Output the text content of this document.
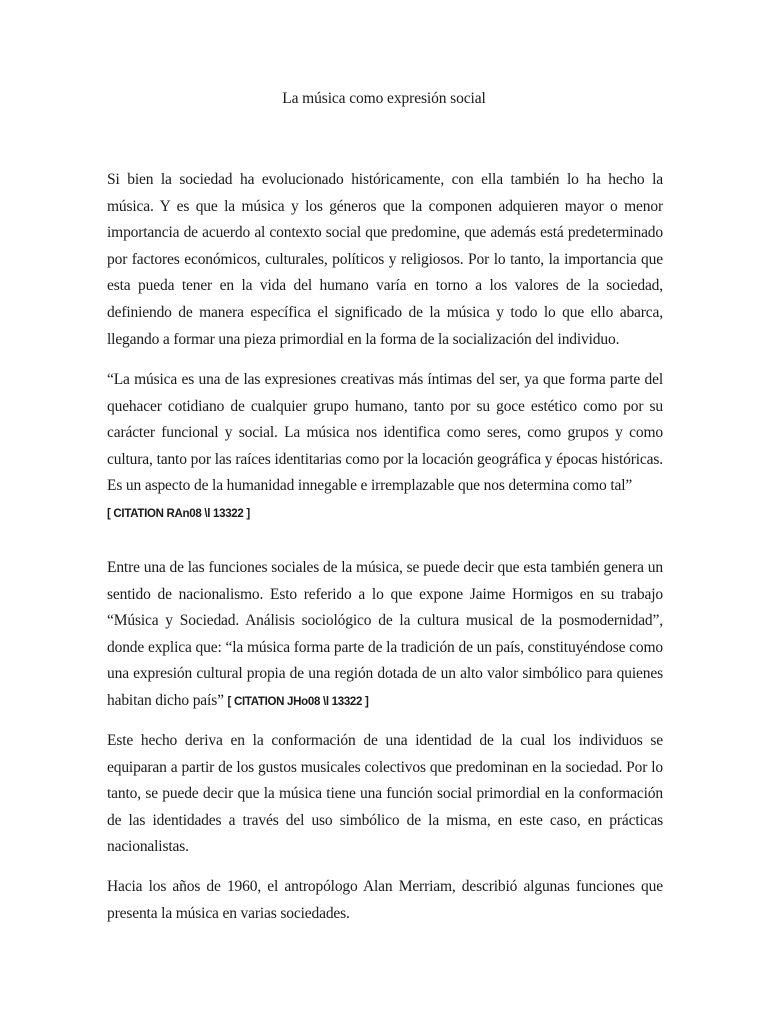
La música como expresión social

Si bien la sociedad ha evolucionado históricamente, con ella también lo ha hecho la música. Y es que la música y los géneros que la componen adquieren mayor o menor importancia de acuerdo al contexto social que predomine, que además está predeterminado por factores económicos, culturales, políticos y religiosos. Por lo tanto, la importancia que esta pueda tener en la vida del humano varía en torno a los valores de la sociedad, definiendo de manera específica el significado de la música y todo lo que ello abarca, llegando a formar una pieza primordial en la forma de la socialización del individuo.

“La música es una de las expresiones creativas más íntimas del ser, ya que forma parte del quehacer cotidiano de cualquier grupo humano, tanto por su goce estético como por su carácter funcional y social. La música nos identifica como seres, como grupos y como cultura, tanto por las raíces identitarias como por la locación geográfica y épocas históricas. Es un aspecto de la humanidad innegable e irremplazable que nos determina como tal”
[ CITATION RAn08 \l 13322 ]

Entre una de las funciones sociales de la música, se puede decir que esta también genera un sentido de nacionalismo. Esto referido a lo que expone Jaime Hormigos en su trabajo “Música y Sociedad. Análisis sociológico de la cultura musical de la posmodernidad”, donde explica que: “la música forma parte de la tradición de un país, constituyéndose como una expresión cultural propia de una región dotada de un alto valor simbólico para quienes habitan dicho país” [ CITATION JHo08 \l 13322 ]

Este hecho deriva en la conformación de una identidad de la cual los individuos se equiparan a partir de los gustos musicales colectivos que predominan en la sociedad. Por lo tanto, se puede decir que la música tiene una función social primordial en la conformación de las identidades a través del uso simbólico de la misma, en este caso, en prácticas nacionalistas.

Hacia los años de 1960, el antropólogo Alan Merriam, describió algunas funciones que presenta la música en varias sociedades.
